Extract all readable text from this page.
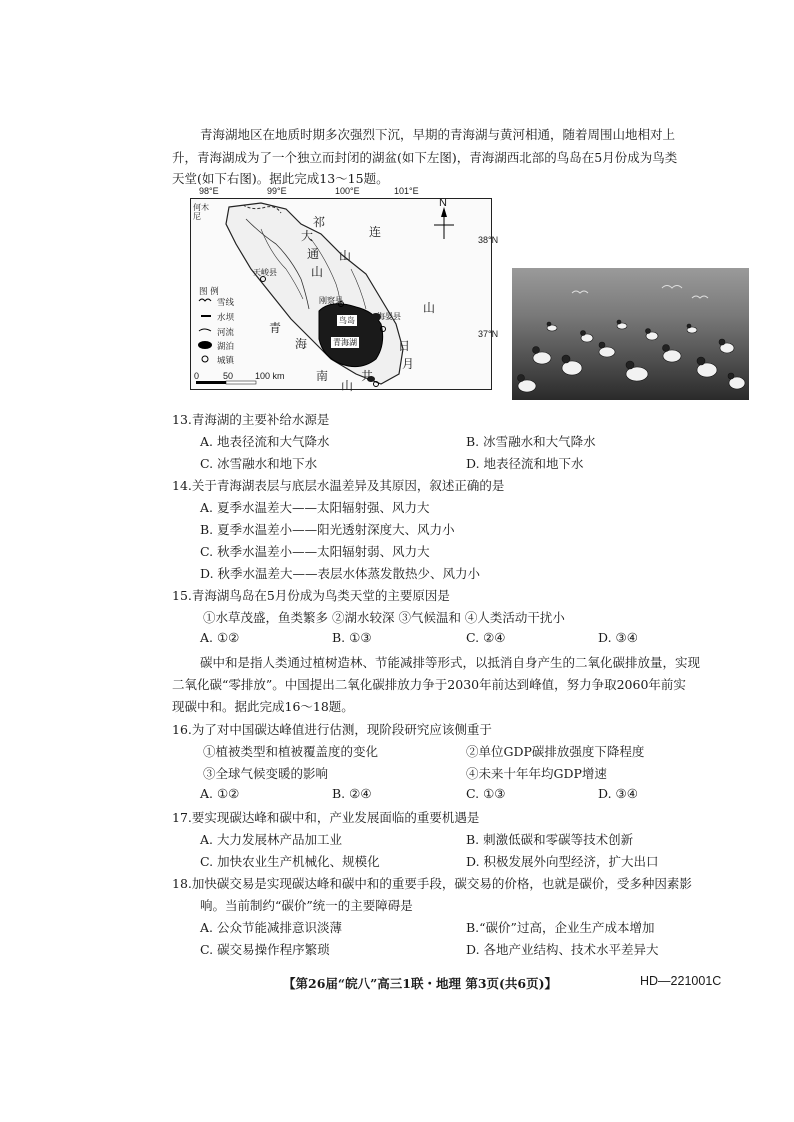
青海湖地区在地质时期多次强烈下沉，早期的青海湖与黄河相通，随着周围山地相对上
升，青海湖成为了一个独立而封闭的湖盆(如下左图)，青海湖西北部的鸟岛在5月份成为鸟类
天堂(如下右图)。据此完成13～15题。
98°E	99°E	100°E	101°E
38°N
37°N
祁
连
山
山
大
通
山
日
月
南
山
青
海
共
青海湖
鸟岛
刚察县
天峻县
海晏县
何木尼
N
图 例
雪线
水坝
河流
湖泊
城镇
0	50 100 km
13.青海湖的主要补给水源是
A. 地表径流和大气降水	B. 冰雪融水和大气降水
C. 冰雪融水和地下水	D. 地表径流和地下水
14.关于青海湖表层与底层水温差异及其原因，叙述正确的是
A. 夏季水温差大——太阳辐射强、风力大
B. 夏季水温差小——阳光透射深度大、风力小
C. 秋季水温差小——太阳辐射弱、风力大
D. 秋季水温差大——表层水体蒸发散热少、风力小
15.青海湖鸟岛在5月份成为鸟类天堂的主要原因是
①水草茂盛，鱼类繁多 ②湖水较深 ③气候温和 ④人类活动干扰小
A. ①②	B. ①③	C. ②④	D. ③④
碳中和是指人类通过植树造林、节能减排等形式，以抵消自身产生的二氧化碳排放量，实现
二氧化碳“零排放”。中国提出二氧化碳排放力争于2030年前达到峰值，努力争取2060年前实
现碳中和。据此完成16～18题。
16.为了对中国碳达峰值进行估测，现阶段研究应该侧重于
①植被类型和植被覆盖度的变化	②单位GDP碳排放强度下降程度
③全球气候变暖的影响	④未来十年年均GDP增速
A. ①②	B. ②④	C. ①③	D. ③④
17.要实现碳达峰和碳中和，产业发展面临的重要机遇是
A. 大力发展林产品加工业	B. 刺激低碳和零碳等技术创新
C. 加快农业生产机械化、规模化	D. 积极发展外向型经济，扩大出口
18.加快碳交易是实现碳达峰和碳中和的重要手段，碳交易的价格，也就是碳价，受多种因素影
响。当前制约“碳价”统一的主要障碍是
A. 公众节能减排意识淡薄	B.“碳价”过高，企业生产成本增加
C. 碳交易操作程序繁琐	D. 各地产业结构、技术水平差异大
【第26届“皖八”高三1联・地理 第3页(共6页)】	HD—221001C
